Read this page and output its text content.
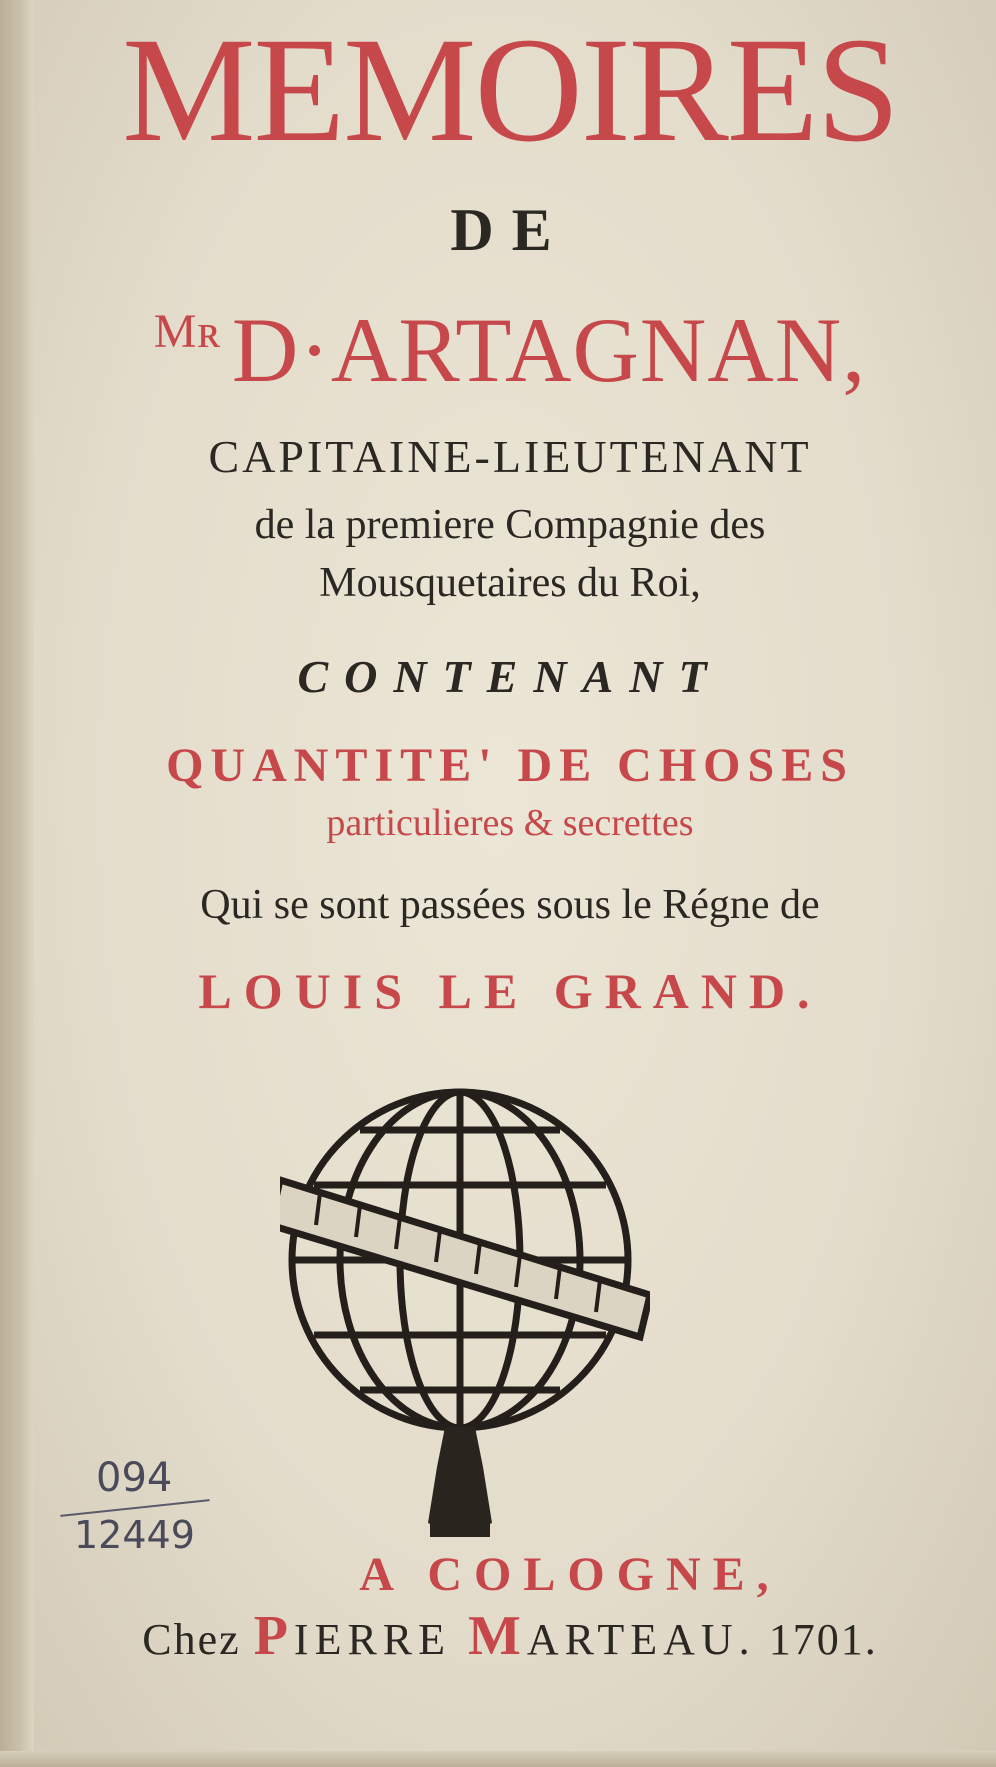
MEMOIRES
DE
$^{Mʀ}$ D·ARTAGNAN,
CAPITAINE-LIEUTENANT
de la premiere Compagnie des
Mousquetaires du Roi,
CONTENANT
QUANTITE' DE CHOSES
particulieres & secrettes
Qui se sont passées sous le Régne de
LOUIS LE GRAND.
094
12449
A COLOGNE,
Chez PIERRE MARTEAU. 1701.
